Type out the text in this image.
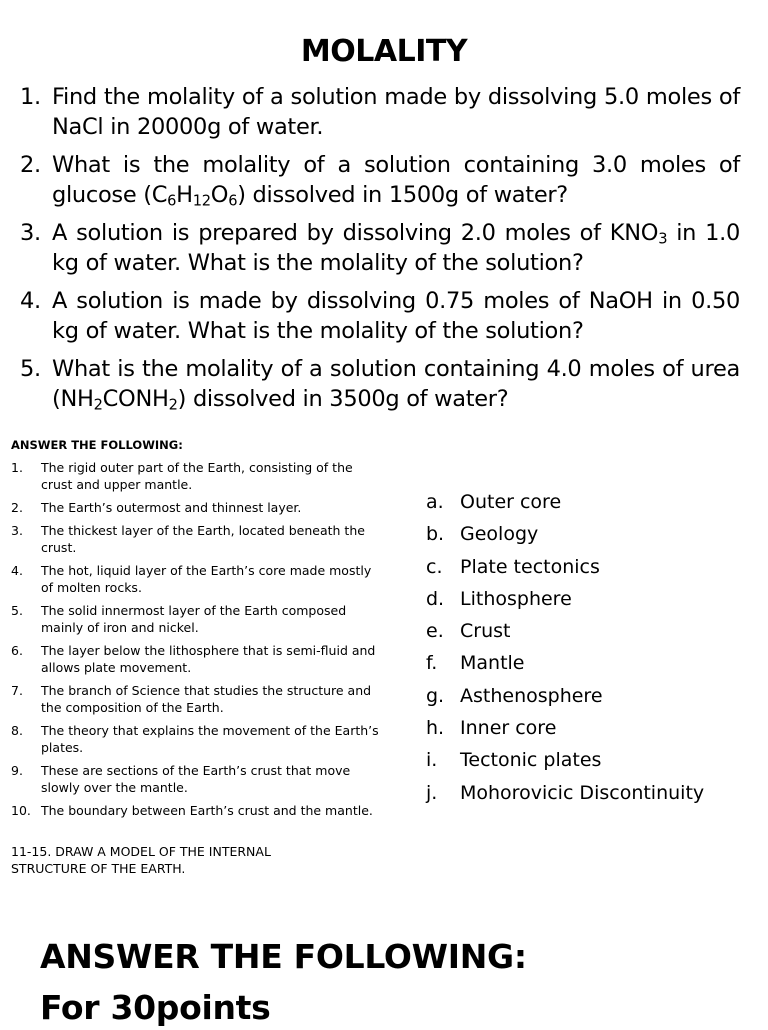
MOLALITY
1. Find the molality of a solution made by dissolving 5.0 moles of NaCl in 20000g of water.
2. What is the molality of a solution containing 3.0 moles of glucose $(C_6H_{12}O_6)$ dissolved in 1500g of water?
3. A solution is prepared by dissolving 2.0 moles of $KNO_3$ in 1.0 kg of water. What is the molality of the solution?
4. A solution is made by dissolving 0.75 moles of NaOH in 0.50 kg of water. What is the molality of the solution?
5. What is the molality of a solution containing 4.0 moles of urea $(NH_2CONH_2)$ dissolved in 3500g of water?
ANSWER THE FOLLOWING:
1. The rigid outer part of the Earth, consisting of the crust and upper mantle.
2. The Earth’s outermost and thinnest layer.
3. The thickest layer of the Earth, located beneath the crust.
4. The hot, liquid layer of the Earth’s core made mostly of molten rocks.
5. The solid innermost layer of the Earth composed mainly of iron and nickel.
6. The layer below the lithosphere that is semi-fluid and allows plate movement.
7. The branch of Science that studies the structure and the composition of the Earth.
8. The theory that explains the movement of the Earth’s plates.
9. These are sections of the Earth’s crust that move slowly over the mantle.
10. The boundary between Earth’s crust and the mantle.
11-15. DRAW A MODEL OF THE INTERNAL STRUCTURE OF THE EARTH.
a. Outer core
b. Geology
c. Plate tectonics
d. Lithosphere
e. Crust
f. Mantle
g. Asthenosphere
h. Inner core
i. Tectonic plates
j. Mohorovicic Discontinuity
ANSWER THE FOLLOWING:
For 30points
